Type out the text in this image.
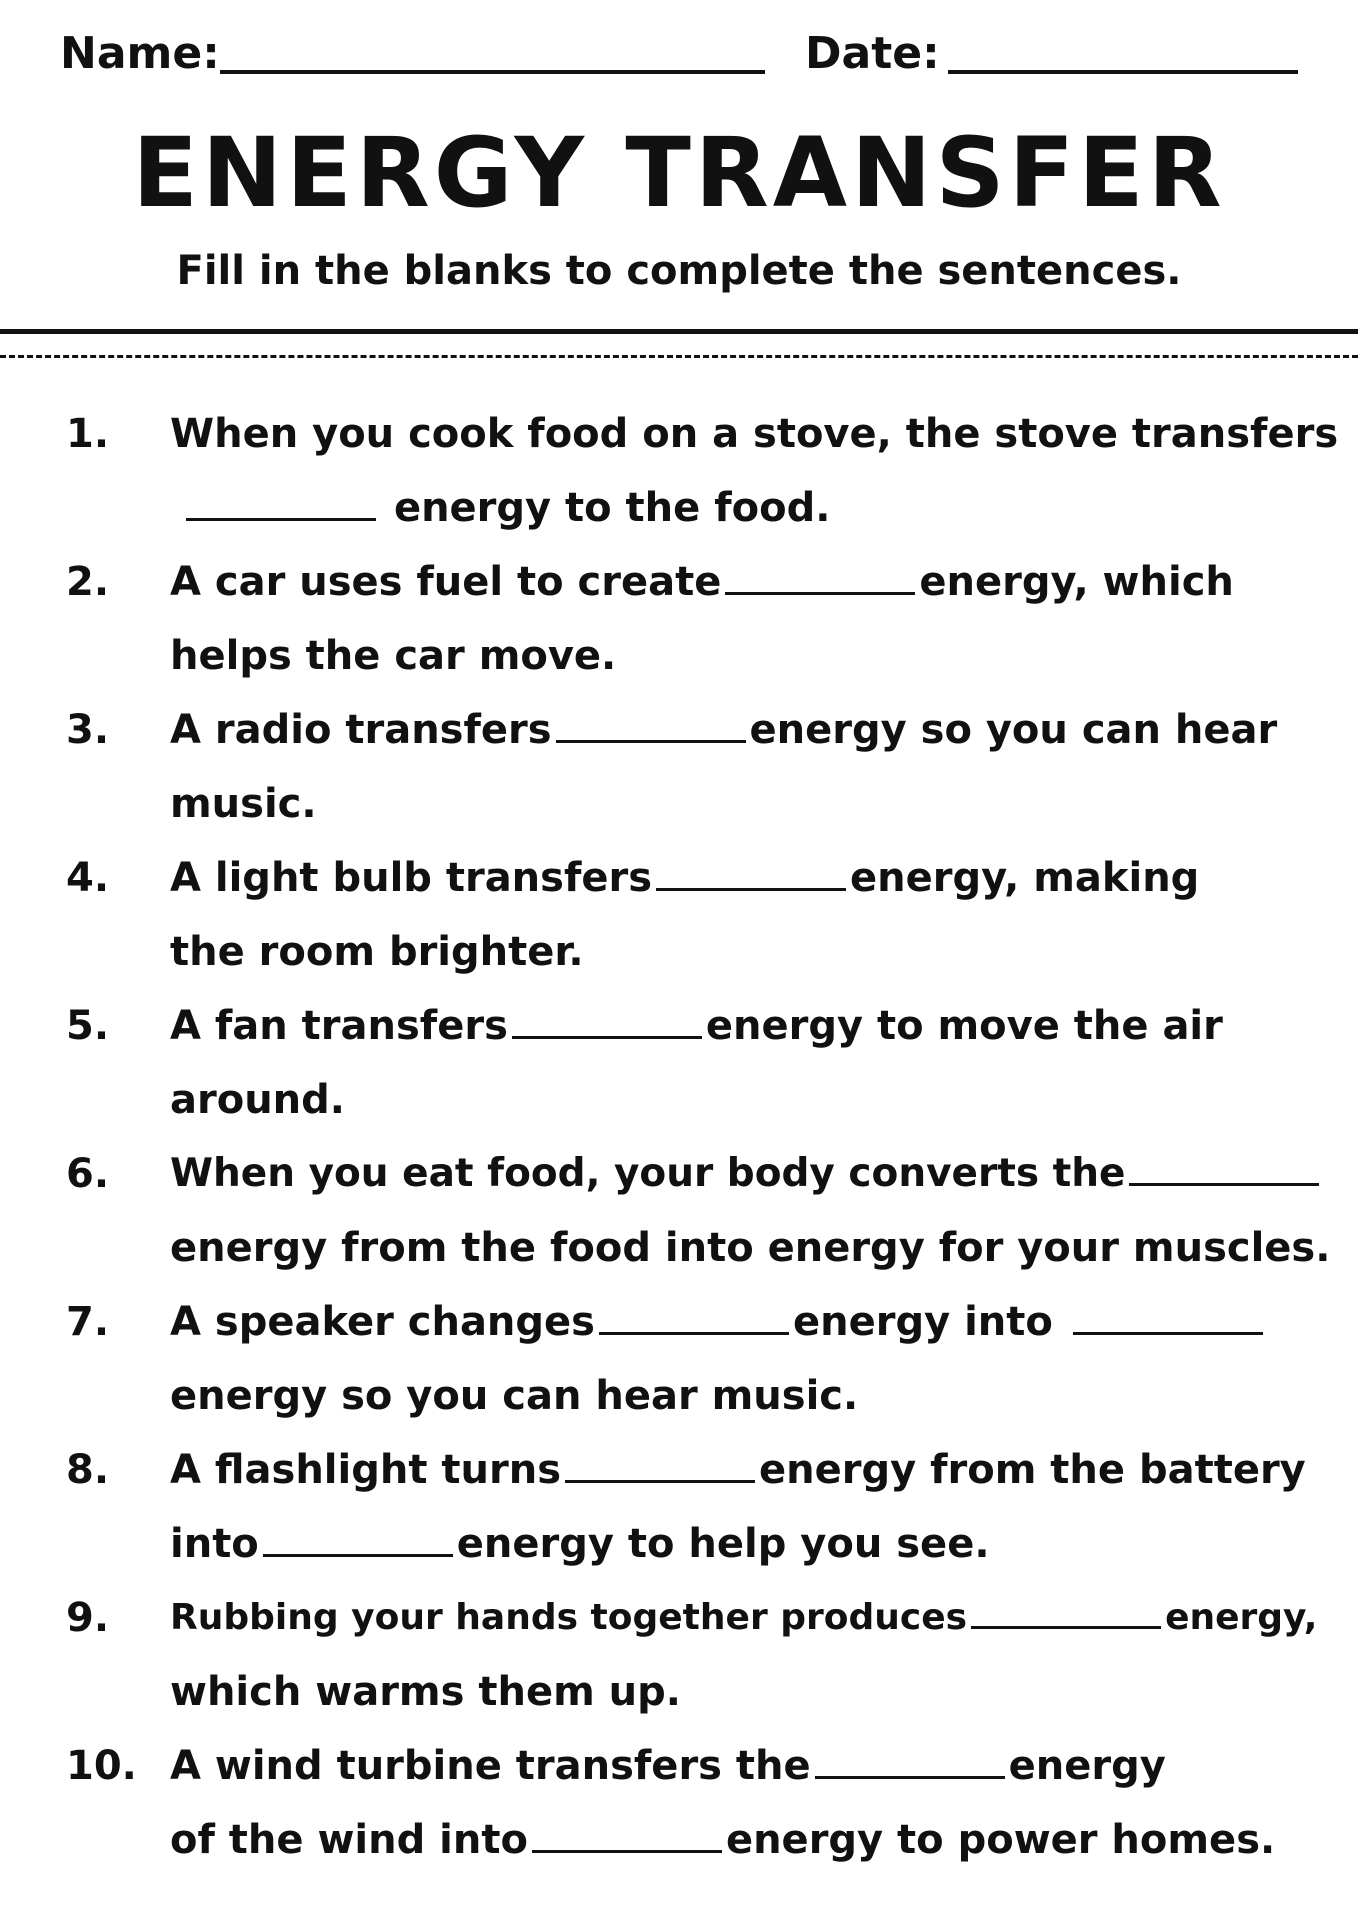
Name:	Date:
ENERGY TRANSFER
Fill in the blanks to complete the sentences.
1.	When you cook food on a stove, the stove transfers
energy to the food.
2.	A car uses fuel to create	energy, which
helps the car move.
3.	A radio transfers	energy so you can hear
music.
4.	A light bulb transfers	energy, making
the room brighter.
5.	A fan transfers	energy to move the air
around.
6.	When you eat food, your body converts the
energy from the food into energy for your muscles.
7.	A speaker changes	energy into
energy so you can hear music.
8.	A flashlight turns	energy from the battery
into	energy to help you see.
9.	Rubbing your hands together produces	energy,
which warms them up.
10. A wind turbine transfers the	energy
of the wind into	energy to power homes.
